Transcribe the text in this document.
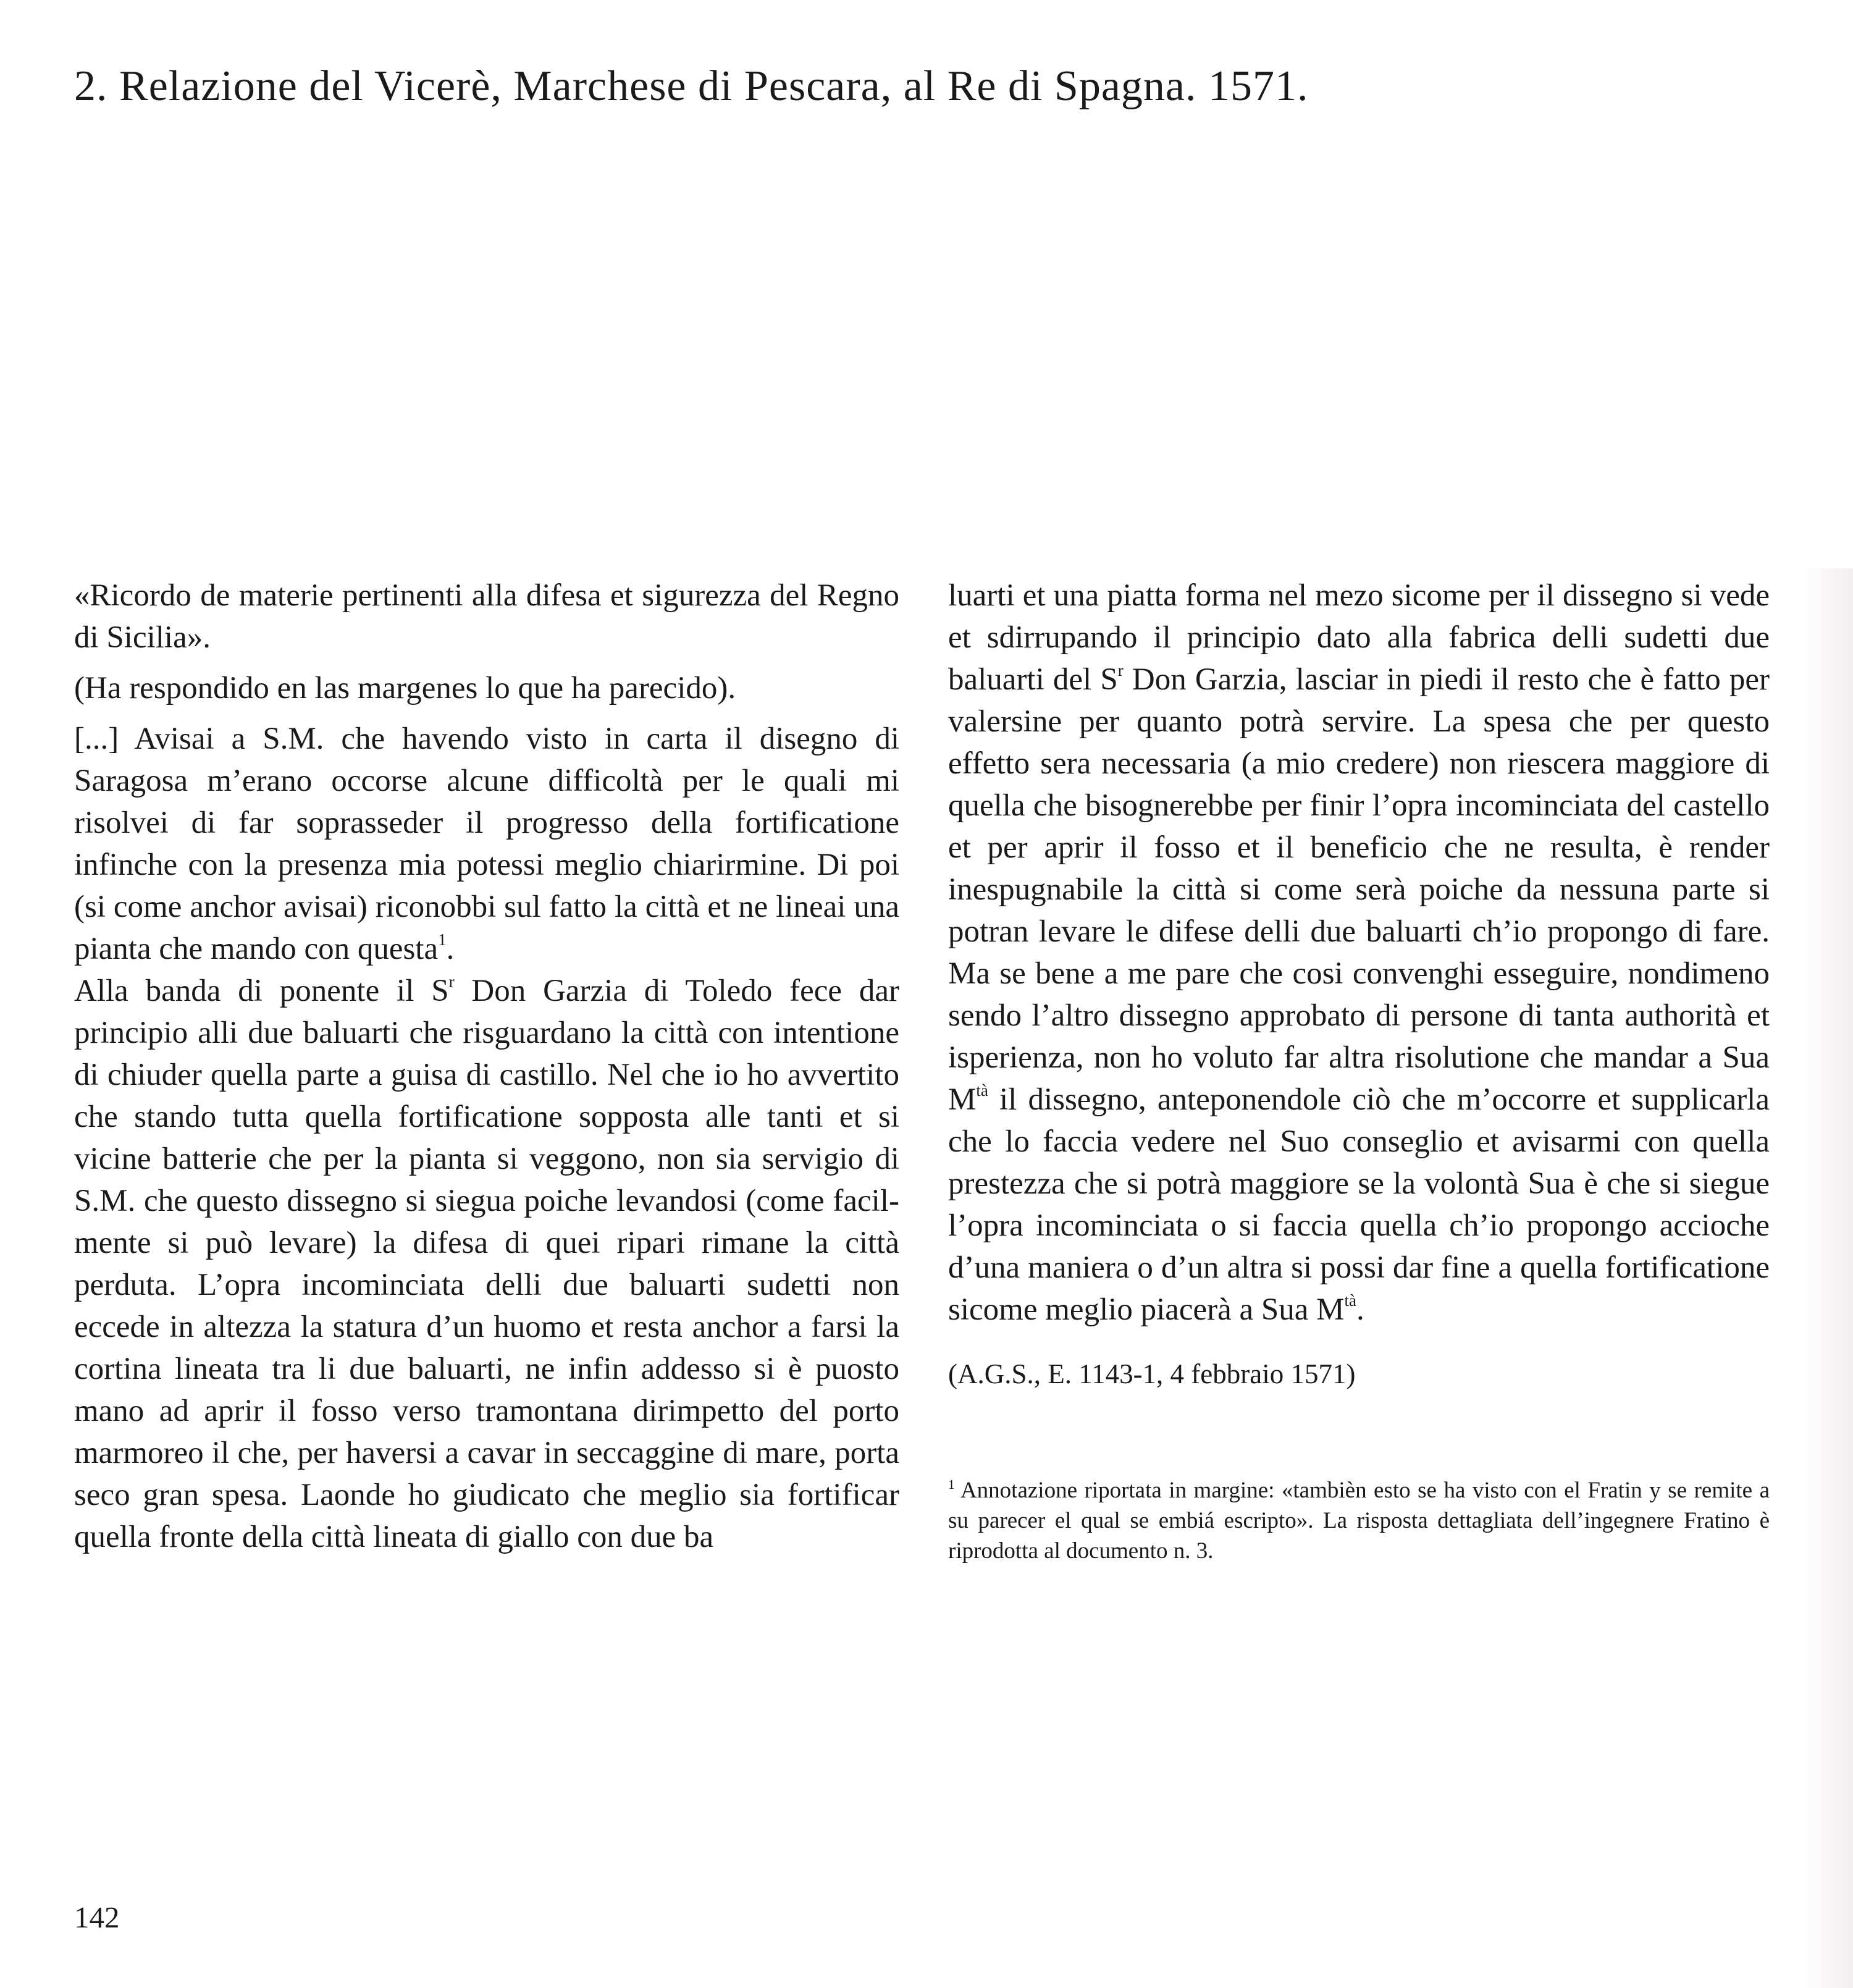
2. Relazione del Vicerè, Marchese di Pescara, al Re di Spagna. 1571.

«Ricordo de materie pertinenti alla difesa et sigurezza del Regno di Sicilia».

(Ha respondido en las margenes lo que ha parecido).

[...] Avisai a S.M. che havendo visto in carta il disegno di Saragosa m’erano occorse alcune difficoltà per le quali mi risolvei di far soprasseder il progresso della fortificatione infinche con la presenza mia potessi meglio chiarirmine. Di poi (si come anchor avisai) riconobbi sul fatto la città et ne lineai una pianta che mando con questa$^1$.

Alla banda di ponente il $S^r$ Don Garzia di Toledo fece dar principio alli due baluarti che risguardano la città con intentione di chiuder quella parte a guisa di castillo. Nel che io ho avvertito che stando tutta quella fortificatione sopposta alle tanti et si vicine batterie che per la pianta si veggono, non sia servigio di S.M. che questo dissegno si siegua poiche levandosi (come facilmente si può levare) la difesa di quei ripari rimane la città perduta. L’opra incominciata delli due baluarti sudetti non eccede in altezza la statura d’un huomo et resta anchor a farsi la cortina lineata tra li due baluarti, ne infin addesso si è puosto mano ad aprir il fosso verso tramontana dirimpetto del porto marmoreo il che, per haversi a cavar in seccaggine di mare, porta seco gran spesa. Laonde ho giudicato che meglio sia fortificar quella fronte della città lineata di giallo con due ba

luarti et una piatta forma nel mezo sicome per il dissegno si vede et sdirrupando il principio dato alla fabrica delli sudetti due baluarti del $S^r$ Don Garzia, lasciar in piedi il resto che è fatto per valersine per quanto potrà servire. La spesa che per questo effetto sera necessaria (a mio credere) non riescera maggiore di quella che bisognerebbe per finir l’opra incominciata del castello et per aprir il fosso et il beneficio che ne resulta, è render inespugnabile la città si come serà poiche da nessuna parte si potran levare le difese delli due baluarti ch’io propongo di fare. Ma se bene a me pare che cosi convenghi esseguire, nondimeno sendo l’altro dissegno approbato di persone di tanta authorità et isperienza, non ho voluto far altra risolutione che mandar a Sua $M^{tà}$ il dissegno, anteponendole ciò che m’occorre et supplicarla che lo faccia vedere nel Suo conseglio et avisarmi con quella prestezza che si potrà maggiore se la volontà Sua è che si siegue l’opra incominciata o si faccia quella ch’io propongo accioche d’una maniera o d’un altra si possi dar fine a quella fortificatione sicome meglio piacerà a Sua $M^{tà}$.

(A.G.S., E. 1143-1, 4 febbraio 1571)

$^1$ Annotazione riportata in margine: «tambièn esto se ha visto con el Fratin y se remite a su parecer el qual se embiá escripto». La risposta dettagliata dell’ingegnere Fratino è riprodotta al documento n. 3.

142
